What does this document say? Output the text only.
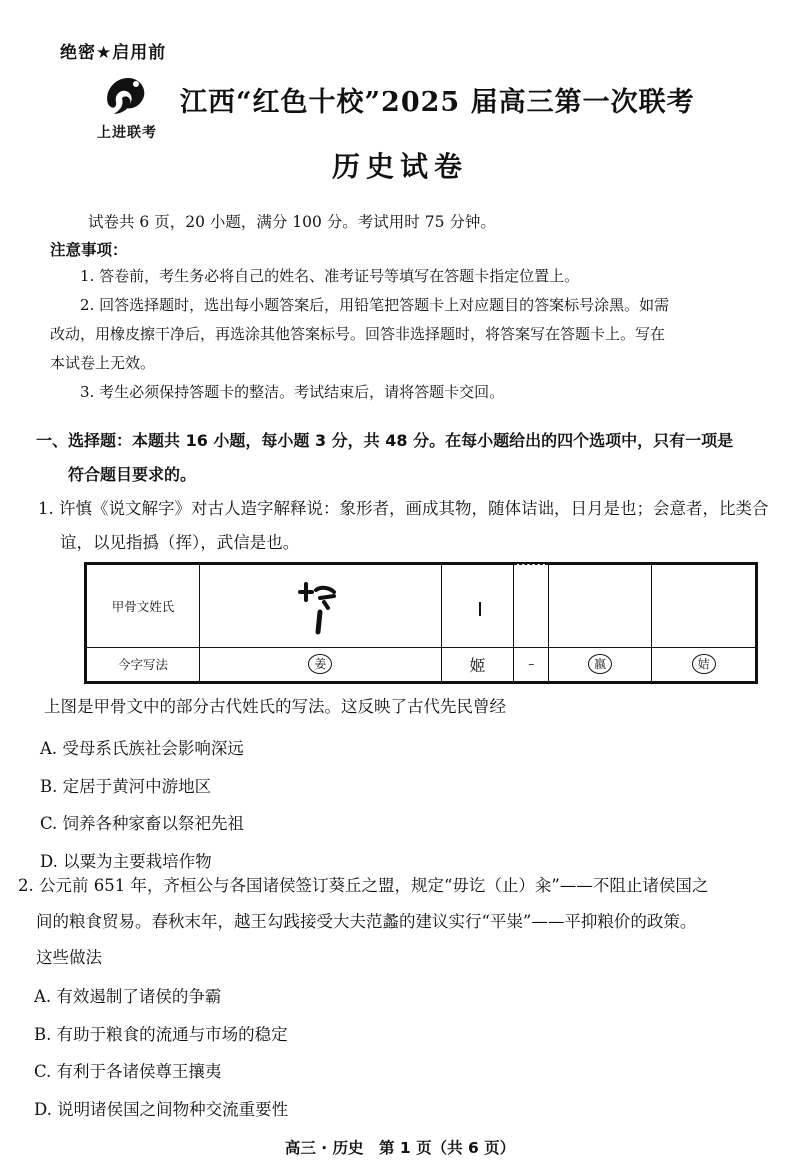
绝密★启用前
上进联考
江西“红色十校”2025 届高三第一次联考
历史试卷
试卷共 6 页，20 小题，满分 100 分。考试用时 75 分钟。
注意事项：

1. 答卷前，考生务必将自己的姓名、准考证号等填写在答题卡指定位置上。

2. 回答选择题时，选出每小题答案后，用铅笔把答题卡上对应题目的答案标号涂黑。如需

改动，用橡皮擦干净后，再选涂其他答案标号。回答非选择题时，将答案写在答题卡上。写在

本试卷上无效。

3. 考生必须保持答题卡的整洁。考试结束后，请将答题卡交回。

一、选择题：本题共 16 小题，每小题 3 分，共 48 分。在每小题给出的四个选项中，只有一项是
符合题目要求的。
1. 许慎《说文解字》对古人造字解释说：象形者，画成其物，随体诘诎，日月是也；会意者，比类合
谊，以见指撝（挥），武信是也。
甲骨文姓氏					
今字写法	姜	姬	–	嬴	姞
上图是甲骨文中的部分古代姓氏的写法。这反映了古代先民曾经
A. 受母系氏族社会影响深远
B. 定居于黄河中游地区
C. 饲养各种家畜以祭祀先祖
D. 以粟为主要栽培作物
2. 公元前 651 年，齐桓公与各国诸侯签订葵丘之盟，规定“毋讫（止）籴”——不阻止诸侯国之
间的粮食贸易。春秋末年，越王勾践接受大夫范蠡的建议实行“平粜”——平抑粮价的政策。
这些做法
A. 有效遏制了诸侯的争霸
B. 有助于粮食的流通与市场的稳定
C. 有利于各诸侯尊王攘夷
D. 说明诸侯国之间物种交流重要性
高三 · 历史　第 1 页（共 6 页）
